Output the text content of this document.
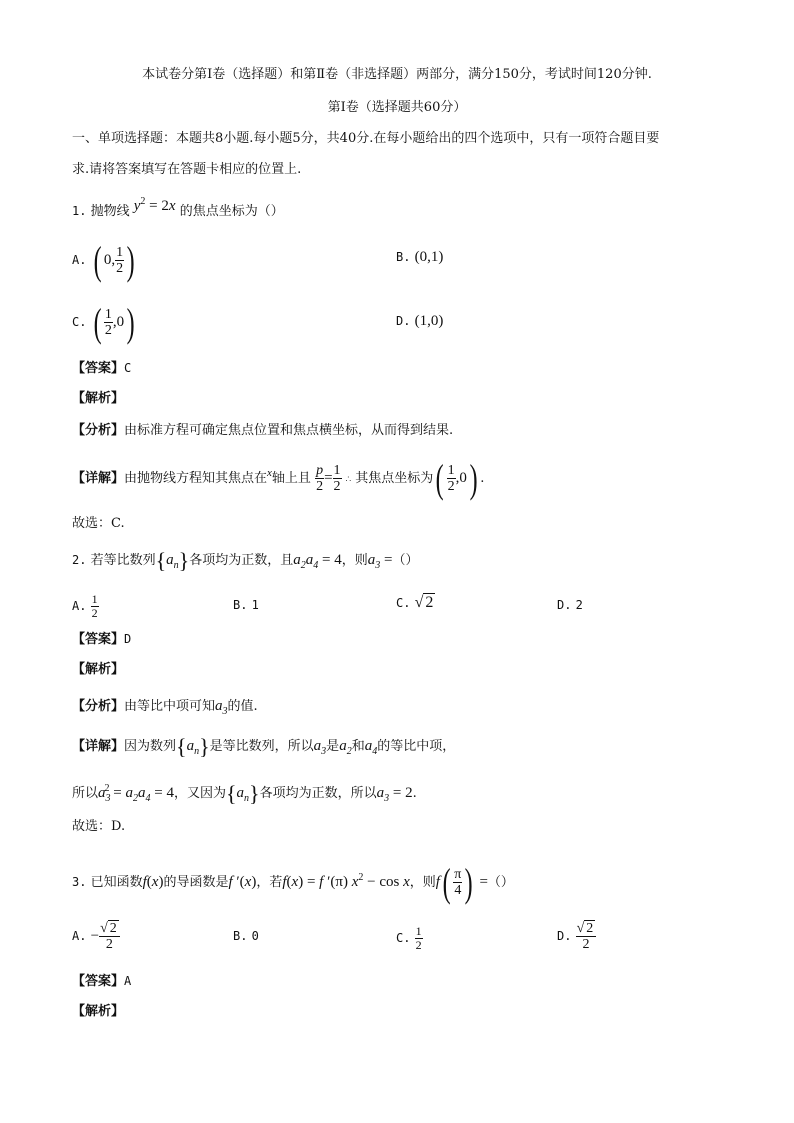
本试卷分第Ⅰ卷（选择题）和第Ⅱ卷（非选择题）两部分，满分150分，考试时间120分钟.
第Ⅰ卷（选择题共60分）
一、单项选择题：本题共8小题.每小题5分，共40分.在每小题给出的四个选项中，只有一项符合题目要
求.请将答案填写在答题卡相应的位置上.
1. 抛物线 $y^2 = 2x$ 的焦点坐标为（）
A. ( 0, $\frac{1}{2}$ )	B. (0,1)
C. ( $\frac{1}{2} ,0$)	D. (1,0)
【答案】C
【解析】
【分析】由标准方程可确定焦点位置和焦点横坐标，从而得到结果.
【详解】由抛物线方程知其焦点在$^x$轴上且 $\frac{p}{2} = \frac{1}{2}$ ∴ 其焦点坐标为( $\frac{1}{2} ,0$) .
故选：C.
2. 若等比数列$\{a_n\}$各项均为正数，且$a_2a_4 = 4$，则$a_3$ =（）
A. $\frac{1}{2}$	B. 1	C. √ 2	D. 2
【答案】D
【解析】
【分析】由等比中项可知$a_3$的值.
【详解】因为数列$\{a_n\}$是等比数列，所以$a_3$是$a_2$和$a_4$的等比中项，
所以$a_3^2 = a_2a_4 = 4$，又因为$\{a_n\}$各项均为正数，所以$a_3 = 2$.
故选：D.
3. 已知函数f(x)的导函数是f ′(x)，若f(x) = f ′(π) $x^2 - \cos x$，则$f( \frac{\pi}{4}$ ) =（）
A. − $\frac{√ 2}{2}$	B. 0	C. $\frac{1}{2}$	D. $\frac{√ 2}{2}$
【答案】A
【解析】
